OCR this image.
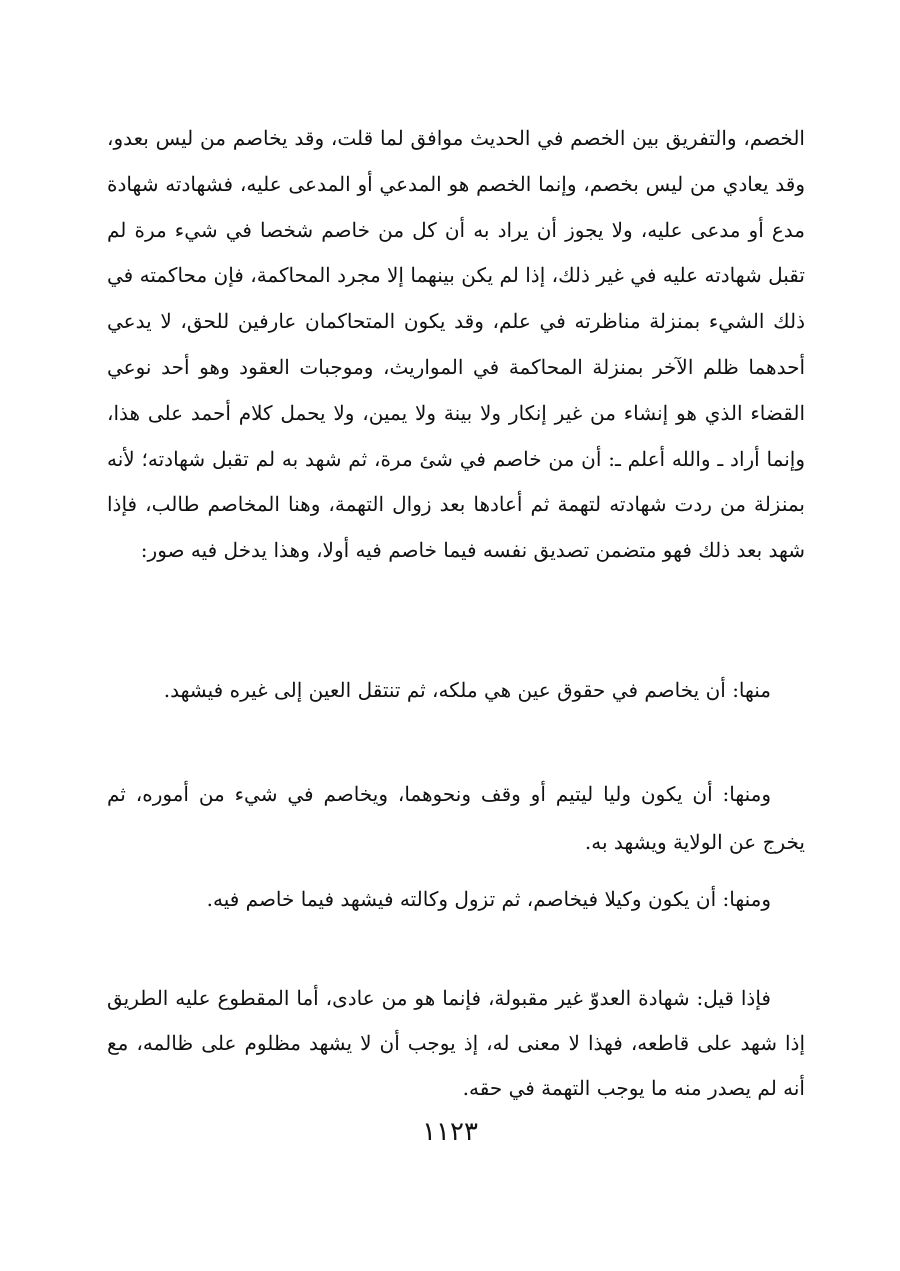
الخصم، والتفريق بين الخصم في الحديث موافق لما قلت، وقد يخاصم من ليس بعدو، وقد يعادي من ليس بخصم، وإنما الخصم هو المدعي أو المدعى عليه، فشهادته شهادة مدع أو مدعى عليه، ولا يجوز أن يراد به أن كل من خاصم شخصا في شيء مرة لم تقبل شهادته عليه في غير ذلك، إذا لم يكن بينهما إلا مجرد المحاكمة، فإن محاكمته في ذلك الشيء بمنزلة مناظرته في علم، وقد يكون المتحاكمان عارفين للحق، لا يدعي أحدهما ظلم الآخر بمنزلة المحاكمة في المواريث، وموجبات العقود وهو أحد نوعي القضاء الذي هو إنشاء من غير إنكار ولا بينة ولا يمين، ولا يحمل كلام أحمد على هذا، وإنما أراد ـ والله أعلم ـ: أن من خاصم في شئ مرة، ثم شهد به لم تقبل شهادته؛ لأنه بمنزلة من ردت شهادته لتهمة ثم أعادها بعد زوال التهمة، وهنا المخاصم طالب، فإذا شهد بعد ذلك فهو متضمن تصديق نفسه فيما خاصم فيه أولا، وهذا يدخل فيه صور:

منها: أن يخاصم في حقوق عين هي ملكه، ثم تنتقل العين إلى غيره فيشهد.

ومنها: أن يكون وليا ليتيم أو وقف ونحوهما، ويخاصم في شيء من أموره، ثم يخرج عن الولاية ويشهد به.

ومنها: أن يكون وكيلا فيخاصم، ثم تزول وكالته فيشهد فيما خاصم فيه.

فإذا قيل: شهادة العدوّ غير مقبولة، فإنما هو من عادى، أما المقطوع عليه الطريق إذا شهد على قاطعه، فهذا لا معنى له، إذ يوجب أن لا يشهد مظلوم على ظالمه، مع أنه لم يصدر منه ما يوجب التهمة في حقه.

١١٢٣
